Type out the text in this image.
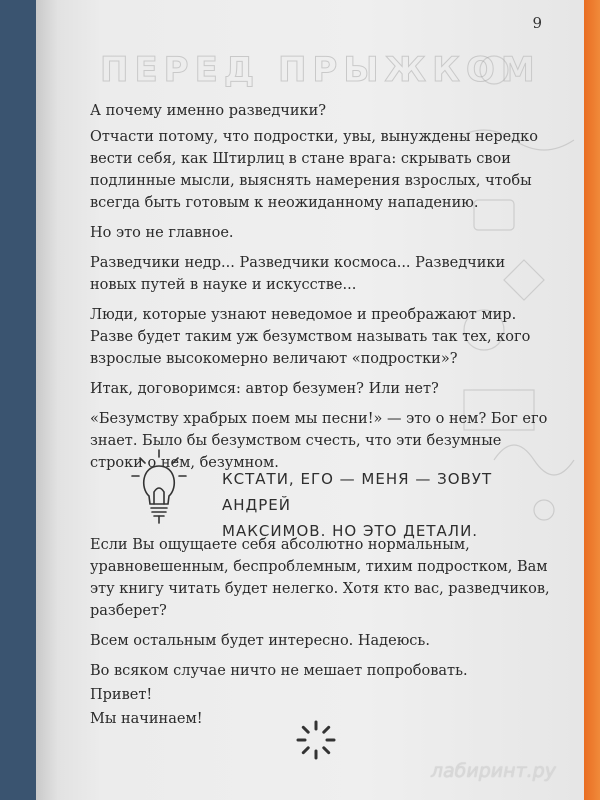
9
ПЕРЕД ПРЫЖКОМ

А почему именно разведчики?

Отчасти потому, что подростки, увы, вынуждены нередко вести себя, как Штирлиц в стане врага: скрывать свои подлинные мысли, выяснять намерения взрослых, чтобы всегда быть готовым к неожиданному нападению.

Но это не главное.

Разведчики недр... Разведчики космоса... Разведчики новых путей в науке и искусстве...

Люди, которые узнают неведомое и преображают мир. Разве будет таким уж безумством называть так тех, кого взрослые высокомерно величают «подростки»?

Итак, договоримся: автор безумен? Или нет?

«Безумству храбрых поем мы песни!» — это о нем? Бог его знает. Было бы безумством счесть, что эти безумные строки о нем, безумном.

КСТАТИ, ЕГО — МЕНЯ — ЗОВУТ АНДРЕЙ
МАКСИМОВ. НО ЭТО ДЕТАЛИ.

Если Вы ощущаете себя абсолютно нормальным, уравновешенным, беспроблемным, тихим подростком, Вам эту книгу читать будет нелегко. Хотя кто вас, разведчиков, разберет?

Всем остальным будет интересно. Надеюсь.

Во всяком случае ничто не мешает попробовать.

Привет!

Мы начинаем!

лабиринт.ру
